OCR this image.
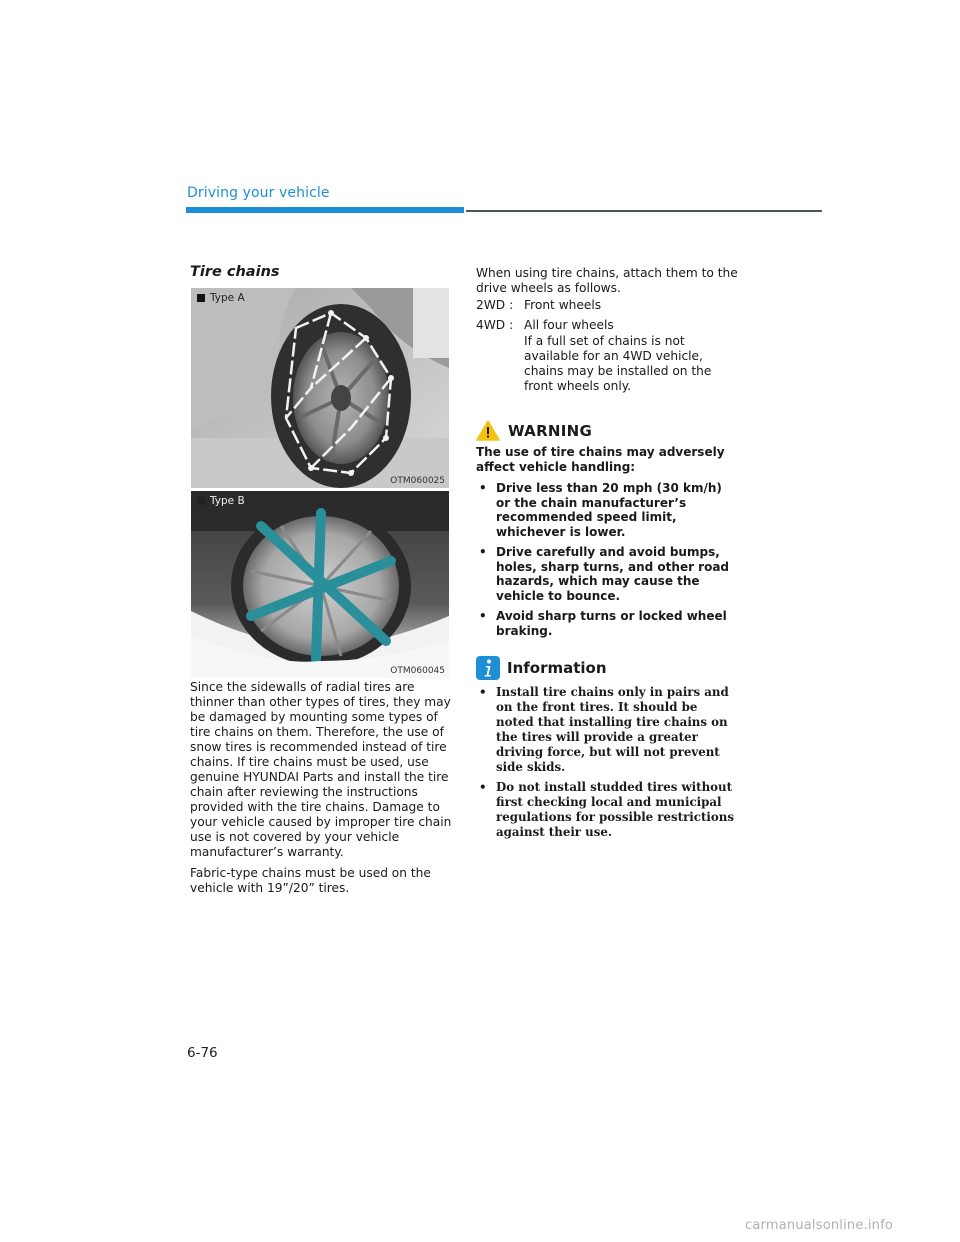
Driving your vehicle
Tire chains
Type A
OTM060025
Type B
OTM060045

Since the sidewalls of radial tires are thinner than other types of tires, they may be damaged by mounting some types of tire chains on them. Therefore, the use of snow tires is recommended instead of tire chains. If tire chains must be used, use genuine HYUNDAI Parts and install the tire chain after reviewing the instructions provided with the tire chains. Damage to your vehicle caused by improper tire chain use is not covered by your vehicle manufacturer’s warranty.

Fabric-type chains must be used on the vehicle with 19”/20” tires.

When using tire chains, attach them to the drive wheels as follows.
2WD : Front wheels
4WD : All four wheels
If a full set of chains is not available for an 4WD vehicle, chains may be installed on the front wheels only.
WARNING

The use of tire chains may adversely affect vehicle handling:

• Drive less than 20 mph (30 km/h) or the chain manufacturer’s recommended speed limit, whichever is lower.
• Drive carefully and avoid bumps, holes, sharp turns, and other road hazards, which may cause the vehicle to bounce.
• Avoid sharp turns or locked wheel braking.
Information
• Install tire chains only in pairs and on the front tires. It should be noted that installing tire chains on the tires will provide a greater driving force, but will not prevent side skids.
• Do not install studded tires without first checking local and municipal regulations for possible restrictions against their use.
6-76
carmanualsonline.info
